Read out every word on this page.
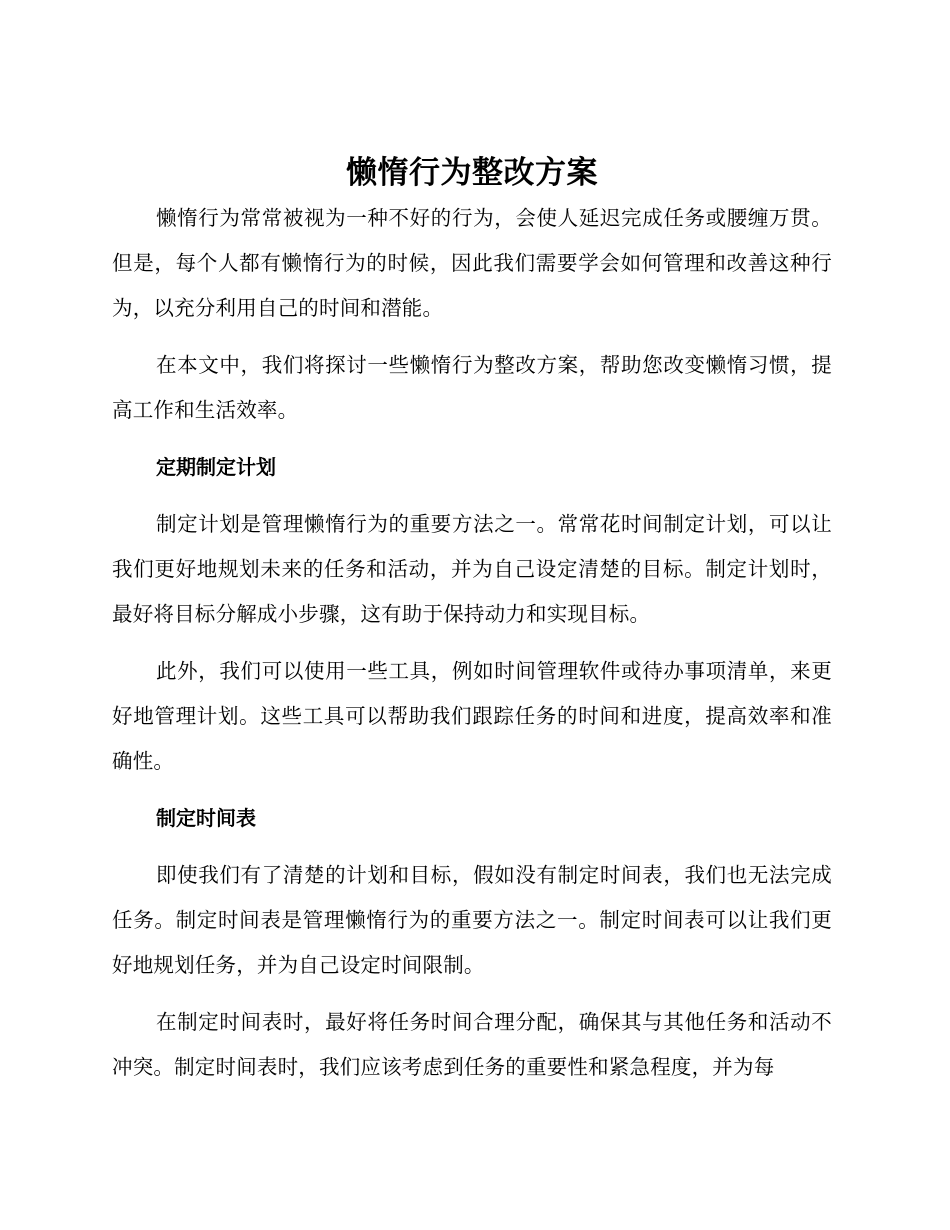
懒惰行为整改方案

懒惰行为常常被视为一种不好的行为，会使人延迟完成任务或腰缠万贯。但是，每个人都有懒惰行为的时候，因此我们需要学会如何管理和改善这种行为，以充分利用自己的时间和潜能。

在本文中，我们将探讨一些懒惰行为整改方案，帮助您改变懒惰习惯，提高工作和生活效率。

定期制定计划

制定计划是管理懒惰行为的重要方法之一。常常花时间制定计划，可以让我们更好地规划未来的任务和活动，并为自己设定清楚的目标。制定计划时，最好将目标分解成小步骤，这有助于保持动力和实现目标。

此外，我们可以使用一些工具，例如时间管理软件或待办事项清单，来更好地管理计划。这些工具可以帮助我们跟踪任务的时间和进度，提高效率和准确性。

制定时间表

即使我们有了清楚的计划和目标，假如没有制定时间表，我们也无法完成任务。制定时间表是管理懒惰行为的重要方法之一。制定时间表可以让我们更好地规划任务，并为自己设定时间限制。

在制定时间表时，最好将任务时间合理分配，确保其与其他任务和活动不冲突。制定时间表时，我们应该考虑到任务的重要性和紧急程度，并为每
